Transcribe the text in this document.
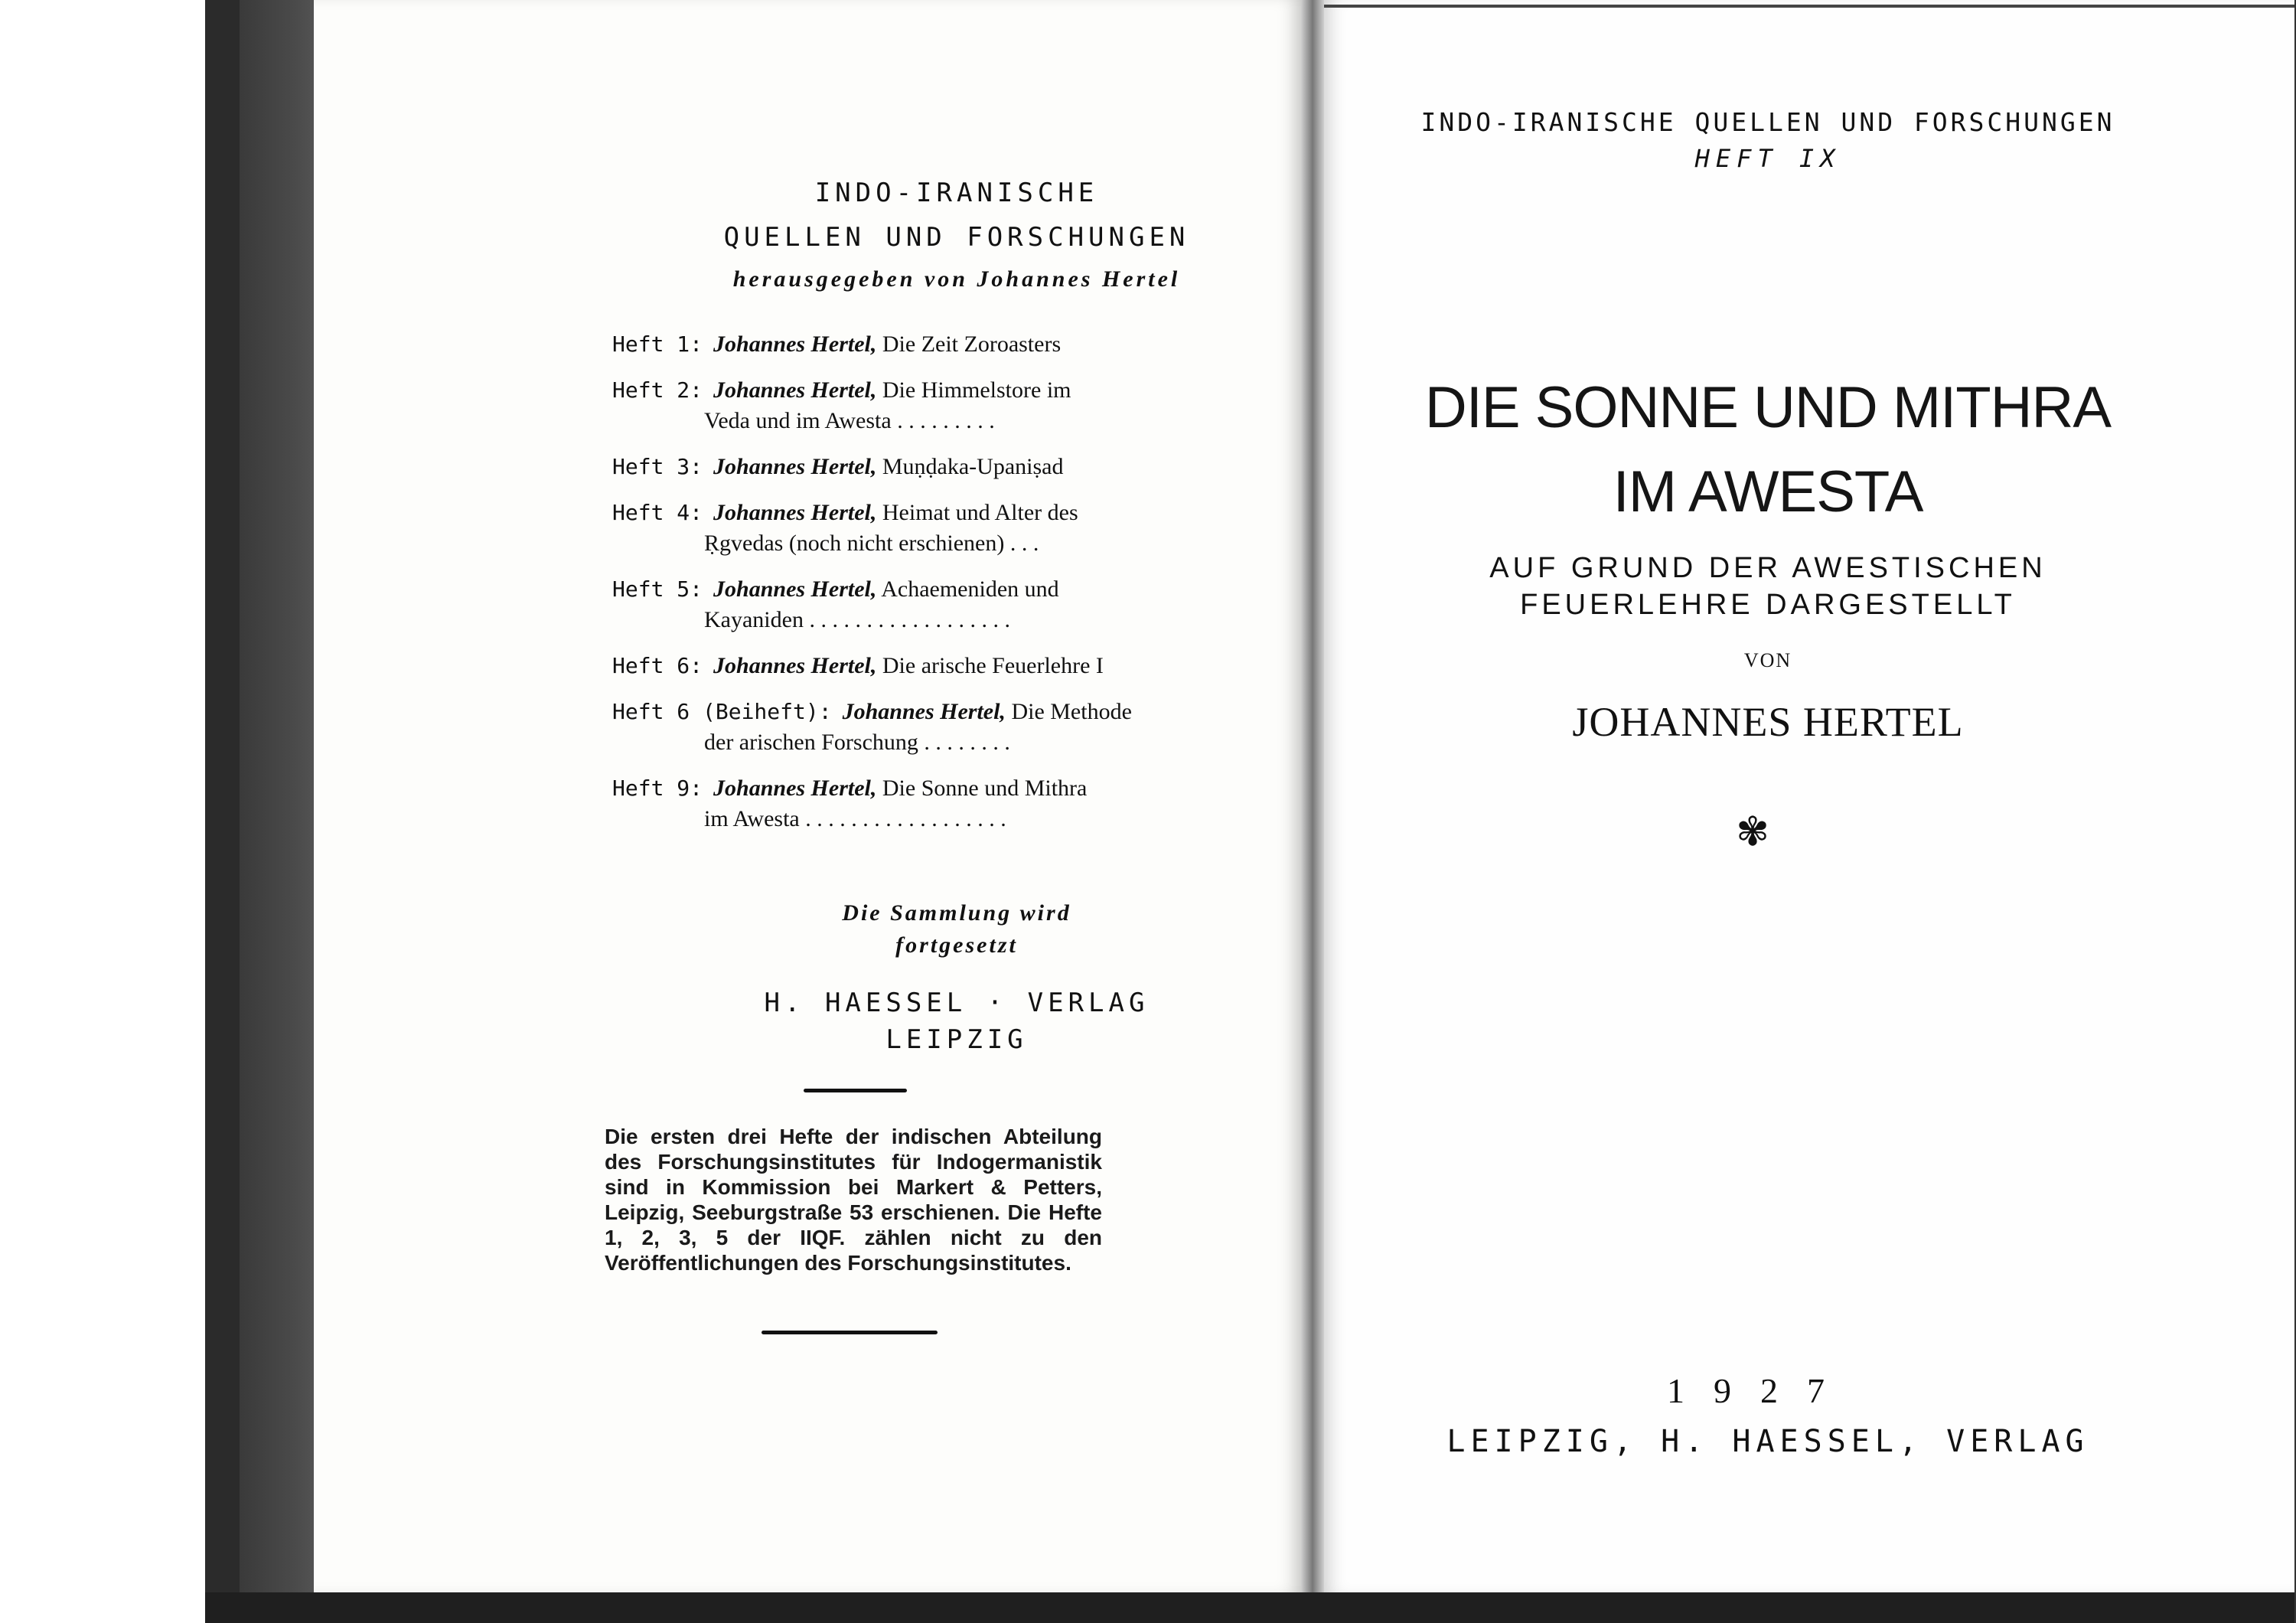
INDO-IRANISCHE
QUELLEN UND FORSCHUNGEN
herausgegeben von Johannes Hertel
Heft 1: Johannes Hertel, Die Zeit Zoroasters
Heft 2: Johannes Hertel, Die Himmelstore im
Veda und im Awesta . . . . . . . . .
Heft 3: Johannes Hertel, Muṇḍaka-Upaniṣad
Heft 4: Johannes Hertel, Heimat und Alter des
Ṛgvedas (noch nicht erschienen) . . .
Heft 5: Johannes Hertel, Achaemeniden und
Kayaniden . . . . . . . . . . . . . . . . . .
Heft 6: Johannes Hertel, Die arische Feuerlehre I
Heft 6 (Beiheft): Johannes Hertel, Die Methode
der arischen Forschung . . . . . . . .
Heft 9: Johannes Hertel, Die Sonne und Mithra
im Awesta . . . . . . . . . . . . . . . . . .
Die Sammlung wird
fortgesetzt
H. HAESSEL · VERLAG
LEIPZIG
Die ersten drei Hefte der indischen Abteilung des Forschungsinstitutes für Indogermanistik sind in Kommission bei Markert & Petters, Leipzig, Seeburgstraße 53 erschienen. Die Hefte 1, 2, 3, 5 der IIQF. zählen nicht zu den Veröffentlichungen des Forschungsinstitutes.
INDO-IRANISCHE QUELLEN UND FORSCHUNGEN
HEFT IX
DIE SONNE UND MITHRA
IM AWESTA
AUF GRUND DER AWESTISCHEN
FEUERLEHRE DARGESTELLT
VON
JOHANNES HERTEL
✾
1927
LEIPZIG, H. HAESSEL, VERLAG
